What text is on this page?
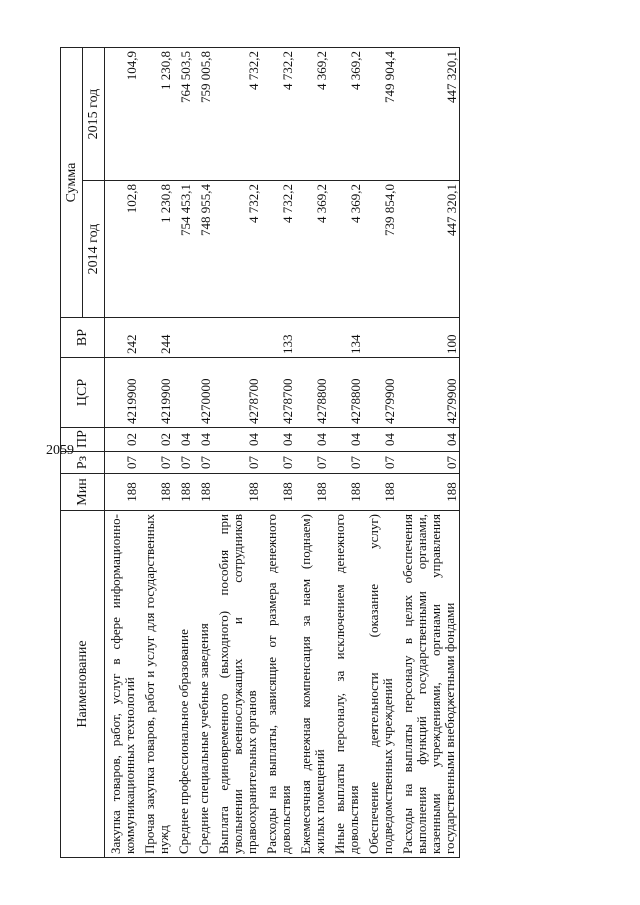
2059
Наименование	Мин	Рз	ПР	ЦСР	ВР	Сумма	
						2014 год	2015 год
Закупка товаров, работ, услуг в сфере информационно-коммуникационных технологий	188	07	02	4219900	242	102,8	104,9
Прочая закупка товаров, работ и услуг для государственных нужд	188	07	02	4219900	244	1 230,8	1 230,8
Среднее профессиональное образование	188	07	04			754 453,1	764 503,5
Средние специальные учебные заведения	188	07	04	4270000		748 955,4	759 005,8
Выплата единовременного (выходного) пособия при увольнении военнослужащих и сотрудников правоохранительных органов	188	07	04	4278700		4 732,2	4 732,2
Расходы на выплаты, зависящие от размера денежного довольствия	188	07	04	4278700	133	4 732,2	4 732,2
Ежемесячная денежная компенсация за наем (поднаем) жилых помещений	188	07	04	4278800		4 369,2	4 369,2
Иные выплаты персоналу, за исключением денежного довольствия	188	07	04	4278800	134	4 369,2	4 369,2
Обеспечение деятельности (оказание услуг) подведомственных учреждений	188	07	04	4279900		739 854,0	749 904,4
Расходы на выплаты персоналу в целях обеспечения выполнения функций государственными органами, казенными учреждениями, органами управления государственными внебюджетными фондами	188	07	04	4279900	100	447 320,1	447 320,1
